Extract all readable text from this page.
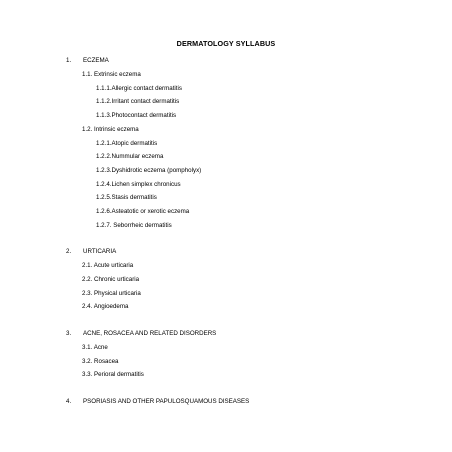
DERMATOLOGY SYLLABUS
1. ECZEMA
1.1. Extrinsic eczema
1.1.1.Allergic contact dermatitis
1.1.2.Irritant contact dermatitis
1.1.3.Photocontact dermatitis
1.2. Intrinsic eczema
1.2.1.Atopic dermatitis
1.2.2.Nummular eczema
1.2.3.Dyshidrotic eczema (pompholyx)
1.2.4.Lichen simplex chronicus
1.2.5.Stasis dermatitis
1.2.6.Asteatotic or xerotic eczema
1.2.7. Seborrheic dermatitis
2. URTICARIA
2.1. Acute urticaria
2.2. Chronic urticaria
2.3. Physical urticaria
2.4. Angioedema
3. ACNE, ROSACEA AND RELATED DISORDERS
3.1. Acne
3.2. Rosacea
3.3. Perioral dermatitis
4. PSORIASIS AND OTHER PAPULOSQUAMOUS DISEASES
